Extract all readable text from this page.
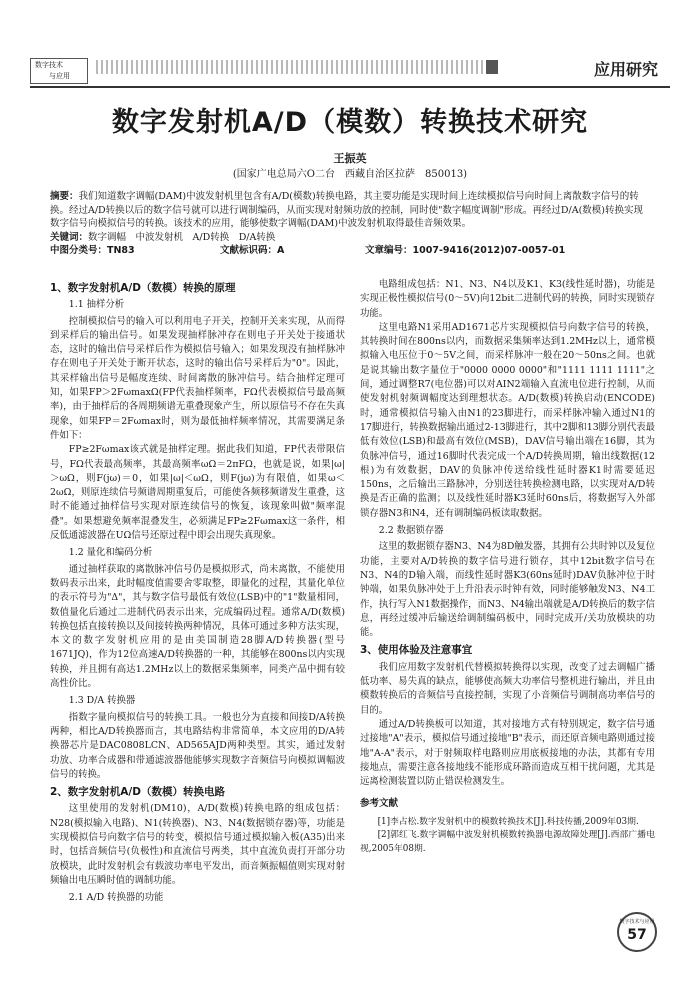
数字技术
与应用	应用研究
数字发射机A/D（模数）转换技术研究
王振英
(国家广电总局六O二台　西藏自治区拉萨　850013)

摘要：我们知道数字调幅(DAM)中波发射机里包含有A/D(模数)转换电路，其主要功能是实现时间上连续模拟信号向时间上离散数字信号的转换。经过A/D转换以后的数字信号就可以进行调制编码，从而实现对射频功放的控制，同时使"数字幅度调制"形成。再经过D/A(数模)转换实现数字信号向模拟信号的转换。该技术的应用，能够使数字调幅(DAM)中波发射机取得最佳音频效果。

关键词：数字调幅　中波发射机　A/D转换　D/A转换

中图分类号：TN83	文献标识码：A	文章编号：1007-9416(2012)07-0057-01
1、数字发射机A/D（数模）转换的原理
1.1 抽样分析

控制模拟信号的输入可以利用电子开关，控制开关来实现，从而得到采样后的输出信号。如果发现抽样脉冲存在则电子开关处于接通状态，这时的输出信号采样后作为模拟信号输入；如果发现没有抽样脉冲存在则电子开关处于断开状态，这时的输出信号采样后为"0"。因此，其采样输出信号是幅度连续、时间离散的脉冲信号。结合抽样定理可知，如果FP＞2FωmaxΩ(FP代表抽样频率，FΩ代表模拟信号最高频率)，由于抽样后的各周期频谱无重叠现象产生，所以原信号不存在失真现象，如果FP＝2Fωmax时，则为最低抽样频率情况，其需要满足条件如下：

FP≥2Fωmax该式就是抽样定理。据此我们知道，FP代表带限信号，FΩ代表最高频率，其最高频率ωΩ＝2πFΩ，也就是说，如果|ω|＞ωΩ，则F(jω)＝0，如果|ω|＜ωΩ，则F(jω)为有限值，如果ω＜2ωΩ，则原连续信号频谱周期重复后，可能使各频移频谱发生重叠，这时不能通过抽样信号实现对原连续信号的恢复，该现象叫做"频率混叠"。如果想避免频率混叠发生，必须满足FP≥2Fωmax这一条件，相反低通滤波器在UΩ信号还原过程中即会出现失真现象。

1.2 量化和编码分析

通过抽样获取的离散脉冲信号仍是模拟形式，尚未离散，不能使用数码表示出来，此时幅度值需要舍零取整，即量化的过程，其量化单位的表示符号为"Δ"，其与数字信号最低有效位(LSB)中的"1"数量相同，数值量化后通过二进制代码表示出来，完成编码过程。通常A/D(数模)转换包括直接转换以及间接转换两种情况，具体可通过多种方法实现，本文的数字发射机应用的是由美国制造28脚A/D转换器(型号1671JQ)，作为12位高速A/D转换器的一种，其能够在800ns以内实现转换，并且拥有高达1.2MHz以上的数据采集频率，同类产品中拥有较高性价比。

1.3 D/A 转换器

指数字量向模拟信号的转换工具。一般也分为直接和间接D/A转换两种，相比A/D转换器而言，其电路结构非常简单，本文应用的D/A转换器芯片是DAC0808LCN、AD565AJD两种类型。其实，通过发射功放、功率合成器和带通滤波器他能够实现数字音频信号向模拟调幅波信号的转换。

2、数字发射机A/D（数模）转换电路

这里使用的发射机(DM10)，A/D(数模)转换电路的组成包括：N28(模拟输入电路)、N1(转换器)、N3、N4(数据锁存器)等，功能是实现模拟信号向数字信号的转变，模拟信号通过模拟输入板(A35)出来时，包括音频信号(负极性)和直流信号两类，其中直流负责打开部分功放模块，此时发射机会有载波功率电平发出，而音频振幅值则实现对射频输出电压瞬时值的调制功能。

2.1 A/D 转换器的功能

电路组成包括：N1、N3、N4以及K1、K3(线性延时器)，功能是实现正极性模拟信号(0～5V)向12bit二进制代码的转换，同时实现锁存功能。

这里电路N1采用AD1671芯片实现模拟信号向数字信号的转换，其转换时间在800ns以内，而数据采集频率达到1.2MHz以上，通常模拟输入电压位于0～5V之间，而采样脉冲一般在20～50ns之间。也就是说其输出数字量位于"0000 0000 0000"和"1111 1111 1111"之间，通过调整R7(电位器)可以对AIN2端输入直流电位进行控制，从而使发射机射频调幅度达到理想状态。A/D(数模)转换启动(ENCODE)时，通常模拟信号输入由N1的23脚进行，而采样脉冲输入通过N1的17脚进行，转换数据输出通过2-13脚进行，其中2脚和13脚分别代表最低有效位(LSB)和最高有效位(MSB)，DAV信号输出端在16脚，其为负脉冲信号，通过16脚时代表完成一个A/D转换周期，输出线数据(12根)为有效数据，DAV的负脉冲传送给线性延时器K1时需要延迟150ns，之后输出三路脉冲，分别送往转换检测电路，以实现对A/D转换是否正确的监测；以及线性延时器K3延时60ns后，将数据写入外部锁存器N3和N4，还有调制编码板读取数据。

2.2 数据锁存器

这里的数据锁存器N3、N4为8D触发器，其拥有公共时钟以及复位功能，主要对A/D转换的数字信号进行锁存，其中12bit数字信号在N3、N4的D输入端，而线性延时器K3(60ns延时)DAV负脉冲位于时钟端，如果负脉冲处于上升沿表示时钟有效，同时能够触发N3、N4工作，执行写入N1数据操作，而N3、N4输出端就是A/D转换后的数字信息，再经过缓冲后输送给调制编码板中，同时完成开/关功放模块的功能。

3、使用体验及注意事宜

我们应用数字发射机代替模拟转换得以实现，改变了过去调幅广播低功率、易失真的缺点，能够使高频大功率信号整机进行输出，并且由模数转换后的音频信号直接控制，实现了小音频信号调制高功率信号的目的。

通过A/D转换板可以知道，其对接地方式有特别规定，数字信号通过接地"A"表示，模拟信号通过接地"B"表示，而还原音频电路则通过接地"A-A"表示，对于射频取样电路则应用底板接地的办法，其都有专用接地点，需要注意各接地线不能形成环路而造成互相干扰问题，尤其是远离检测装置以防止错误检测发生。

参考文献

[1]李占松.数字发射机中的模数转换技术[J].科技传播,2009年03期.

[2]郭红飞.数字调幅中波发射机模数转换器电源故障处理[J].西部广播电视,2005年08期.

数字技术与应用
57
